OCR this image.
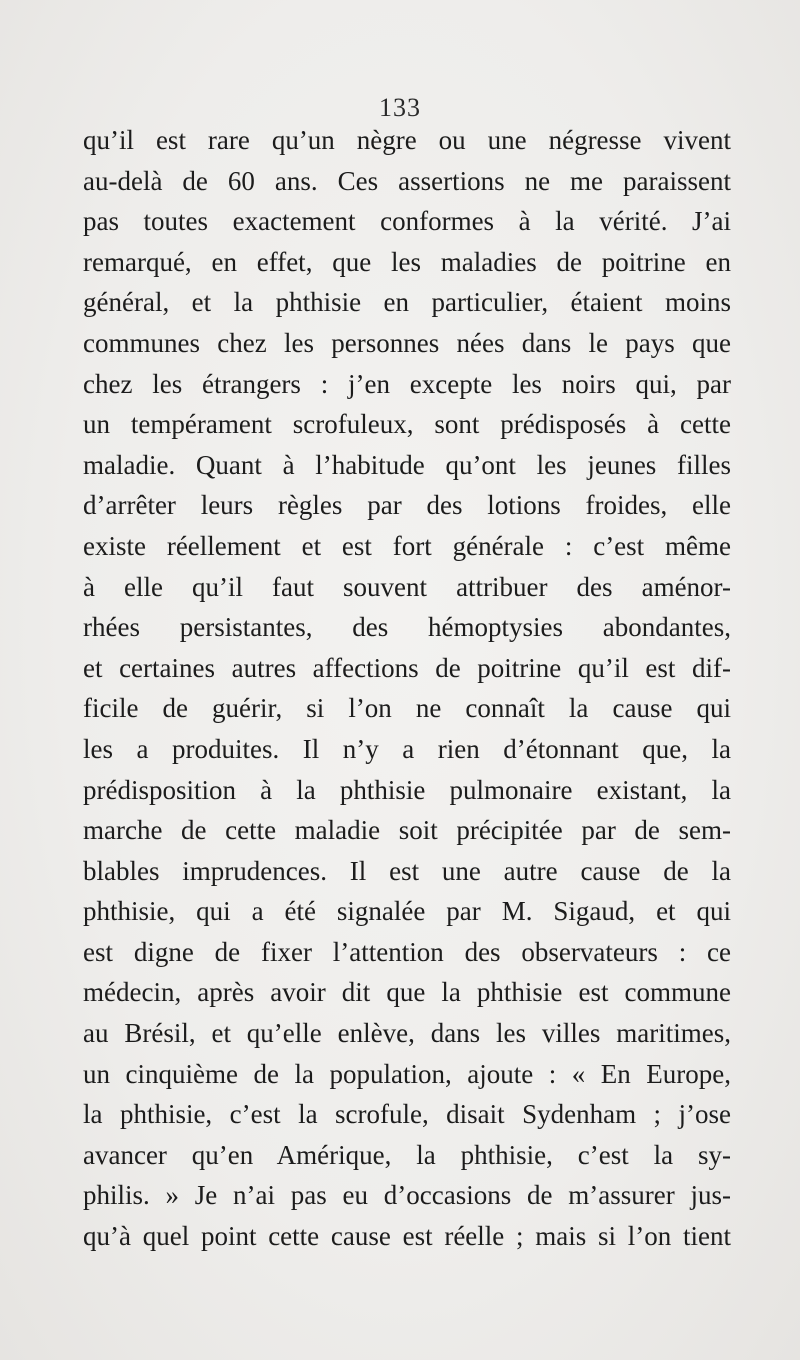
133
qu’il est rare qu’un nègre ou une négresse vivent
au-delà de 60 ans. Ces assertions ne me paraissent
pas toutes exactement conformes à la vérité. J’ai
remarqué, en effet, que les maladies de poitrine en
général, et la phthisie en particulier, étaient moins
communes chez les personnes nées dans le pays que
chez les étrangers : j’en excepte les noirs qui, par
un tempérament scrofuleux, sont prédisposés à cette
maladie. Quant à l’habitude qu’ont les jeunes filles
d’arrêter leurs règles par des lotions froides, elle
existe réellement et est fort générale : c’est même
à elle qu’il faut souvent attribuer des aménor-
rhées persistantes, des hémoptysies abondantes,
et certaines autres affections de poitrine qu’il est dif-
ficile de guérir, si l’on ne connaît la cause qui
les a produites. Il n’y a rien d’étonnant que, la
prédisposition à la phthisie pulmonaire existant, la
marche de cette maladie soit précipitée par de sem-
blables imprudences. Il est une autre cause de la
phthisie, qui a été signalée par M. Sigaud, et qui
est digne de fixer l’attention des observateurs : ce
médecin, après avoir dit que la phthisie est commune
au Brésil, et qu’elle enlève, dans les villes maritimes,
un cinquième de la population, ajoute : « En Europe,
la phthisie, c’est la scrofule, disait Sydenham ; j’ose
avancer qu’en Amérique, la phthisie, c’est la sy-
philis. » Je n’ai pas eu d’occasions de m’assurer jus-
qu’à quel point cette cause est réelle ; mais si l’on tient
